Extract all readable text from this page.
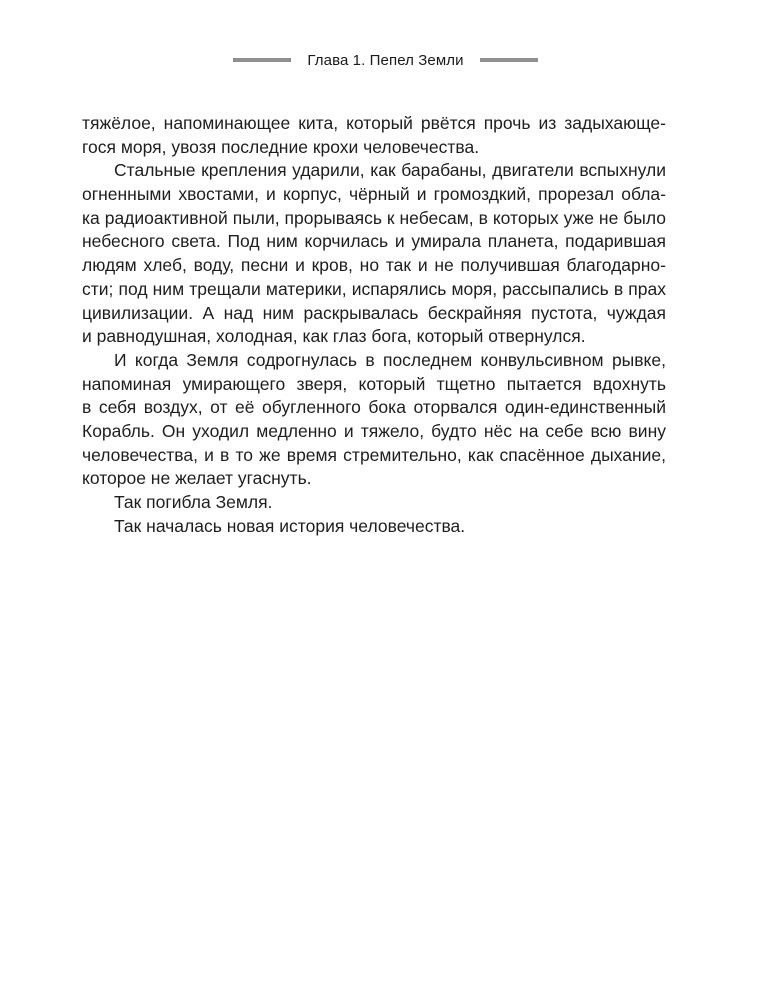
Глава 1. Пепел Земли
тяжёлое, напоминающее кита, который рвётся прочь из задыхающе-
гося моря, увозя последние крохи человечества.
Стальные крепления ударили, как барабаны, двигатели вспыхнули
огненными хвостами, и корпус, чёрный и громоздкий, прорезал обла-
ка радиоактивной пыли, прорываясь к небесам, в которых уже не было
небесного света. Под ним корчилась и умирала планета, подарившая
людям хлеб, воду, песни и кров, но так и не получившая благодарно-
сти; под ним трещали материки, испарялись моря, рассыпались в прах
цивилизации. А над ним раскрывалась бескрайняя пустота, чуждая
и равнодушная, холодная, как глаз бога, который отвернулся.
И когда Земля содрогнулась в последнем конвульсивном рывке,
напоминая умирающего зверя, который тщетно пытается вдохнуть
в себя воздух, от её обугленного бока оторвался один-единственный
Корабль. Он уходил медленно и тяжело, будто нёс на себе всю вину
человечества, и в то же время стремительно, как спасённое дыхание,
которое не желает угаснуть.
Так погибла Земля.
Так началась новая история человечества.
